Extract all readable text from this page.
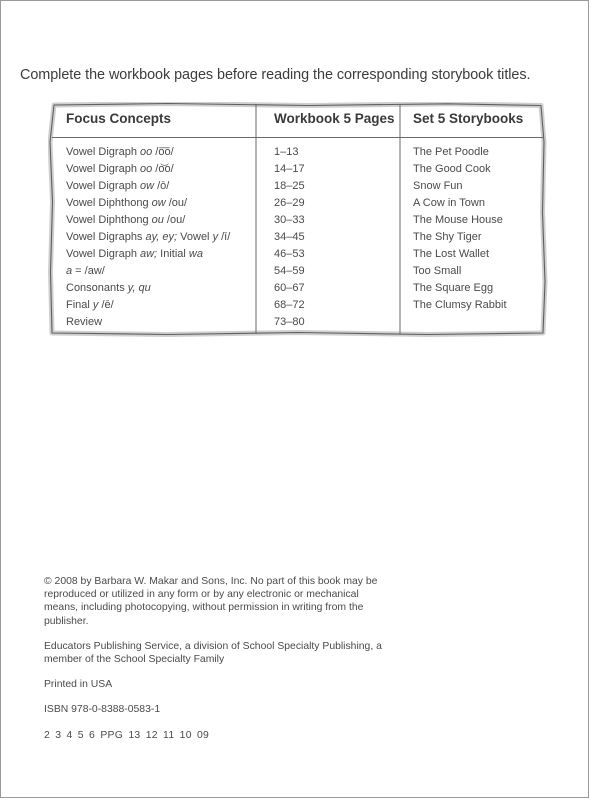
Complete the workbook pages before reading the corresponding storybook titles.
Focus Concepts	Workbook 5 Pages Set 5 Storybooks
Vowel Digraph oo /o͞o/
Vowel Digraph oo /o͝o/
Vowel Digraph ow /ō/
Vowel Diphthong ow /ou/
Vowel Diphthong ou /ou/
Vowel Digraphs ay, ey; Vowel y /ī/
Vowel Digraph aw; Initial wa
a = /aw/
Consonants y, qu
Final y /ē/
Review
1–13
14–17
18–25
26–29
30–33
34–45
46–53
54–59
60–67
68–72
73–80
The Pet Poodle
The Good Cook
Snow Fun
A Cow in Town
The Mouse House
The Shy Tiger
The Lost Wallet
Too Small
The Square Egg
The Clumsy Rabbit

© 2008 by Barbara W. Makar and Sons, Inc. No part of this book may be reproduced or utilized in any form or by any electronic or mechanical means, including photocopying, without permission in writing from the publisher.

Educators Publishing Service, a division of School Specialty Publishing, a member of the School Specialty Family

Printed in USA

ISBN 978-0-8388-0583-1

2 3 4 5 6 PPG 13 12 11 10 09
